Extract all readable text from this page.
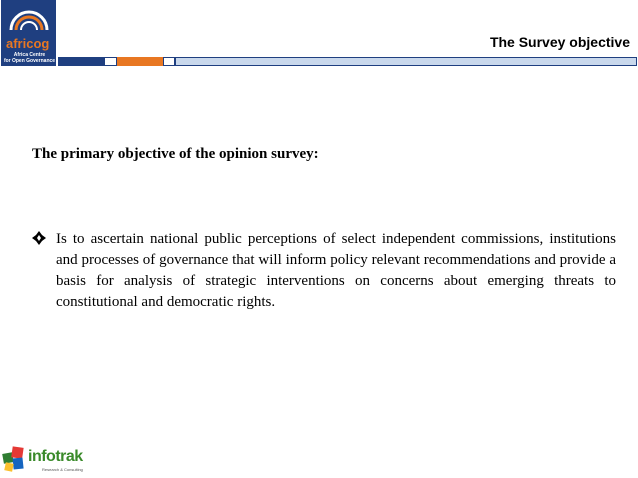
africog
Africa Centre
for Open Governance
The Survey objective
The primary objective of the opinion survey:
Is to ascertain national public perceptions of select independent commissions, institutions and processes of governance that will inform policy relevant recommendations and provide a basis for analysis of strategic interventions on concerns about emerging threats to constitutional and democratic rights.
infotrak
Research & Consulting
